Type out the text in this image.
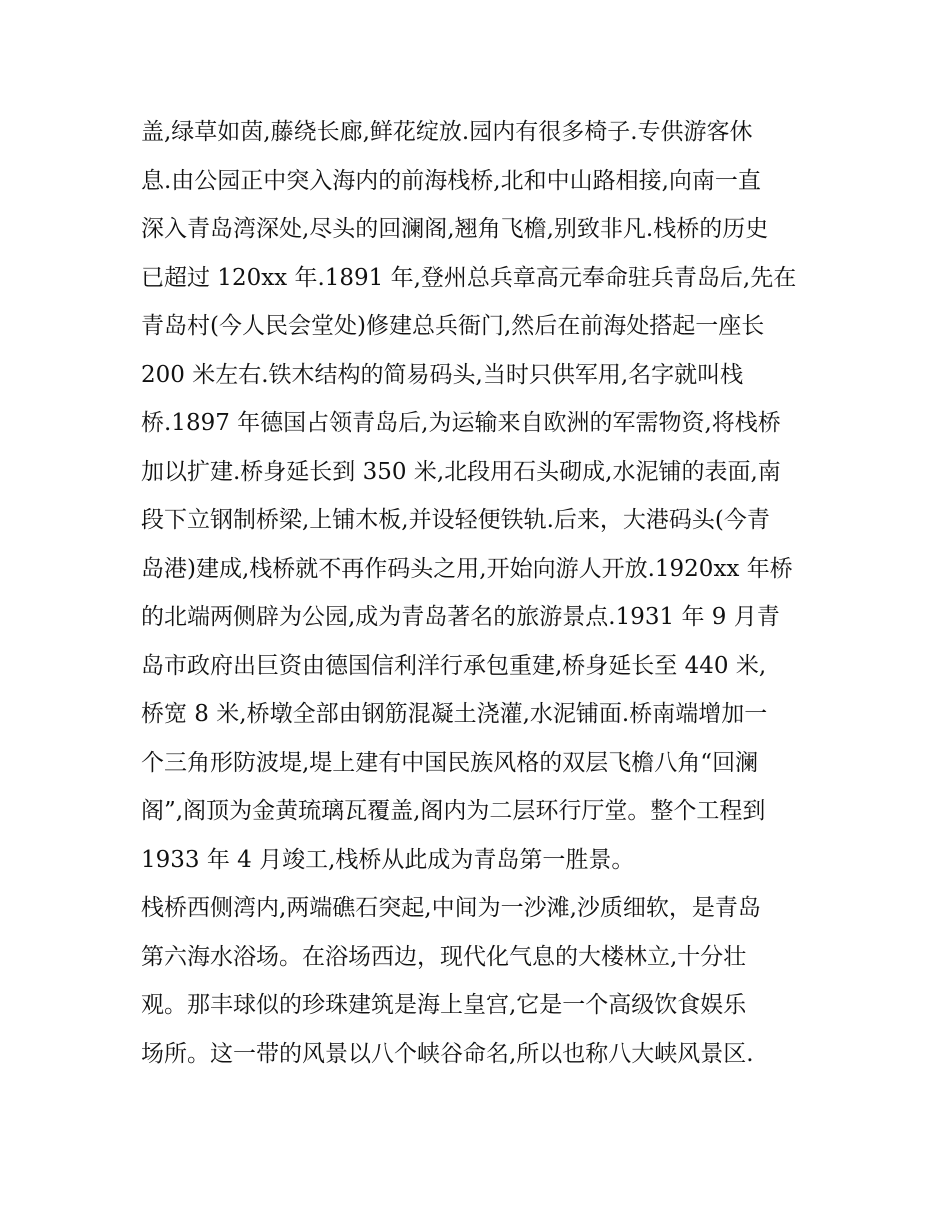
盖,绿草如茵,藤绕长廊,鲜花绽放.园内有很多椅子.专供游客休
息.由公园正中突入海内的前海栈桥,北和中山路相接,向南一直
深入青岛湾深处,尽头的回澜阁,翘角飞檐,别致非凡.栈桥的历史
已超过 120xx 年.1891 年,登州总兵章高元奉命驻兵青岛后,先在
青岛村(今人民会堂处)修建总兵衙门,然后在前海处搭起一座长
200 米左右.铁木结构的简易码头,当时只供军用,名字就叫栈
桥.1897 年德国占领青岛后,为运输来自欧洲的军需物资,将栈桥
加以扩建.桥身延长到 350 米,北段用石头砌成,水泥铺的表面,南
段下立钢制桥梁,上铺木板,并设轻便铁轨.后来，大港码头(今青
岛港)建成,栈桥就不再作码头之用,开始向游人开放.1920xx 年桥
的北端两侧辟为公园,成为青岛著名的旅游景点.1931 年 9 月青
岛市政府出巨资由德国信利洋行承包重建,桥身延长至 440 米,
桥宽 8 米,桥墩全部由钢筋混凝土浇灌,水泥铺面.桥南端增加一
个三角形防波堤,堤上建有中国民族风格的双层飞檐八角“回澜
阁”,阁顶为金黄琉璃瓦覆盖,阁内为二层环行厅堂。整个工程到
1933 年 4 月竣工,栈桥从此成为青岛第一胜景。
栈桥西侧湾内,两端礁石突起,中间为一沙滩,沙质细软，是青岛
第六海水浴场。在浴场西边，现代化气息的大楼林立,十分壮
观。那丰球似的珍珠建筑是海上皇宫,它是一个高级饮食娱乐
场所。这一带的风景以八个峡谷命名,所以也称八大峡风景区.
